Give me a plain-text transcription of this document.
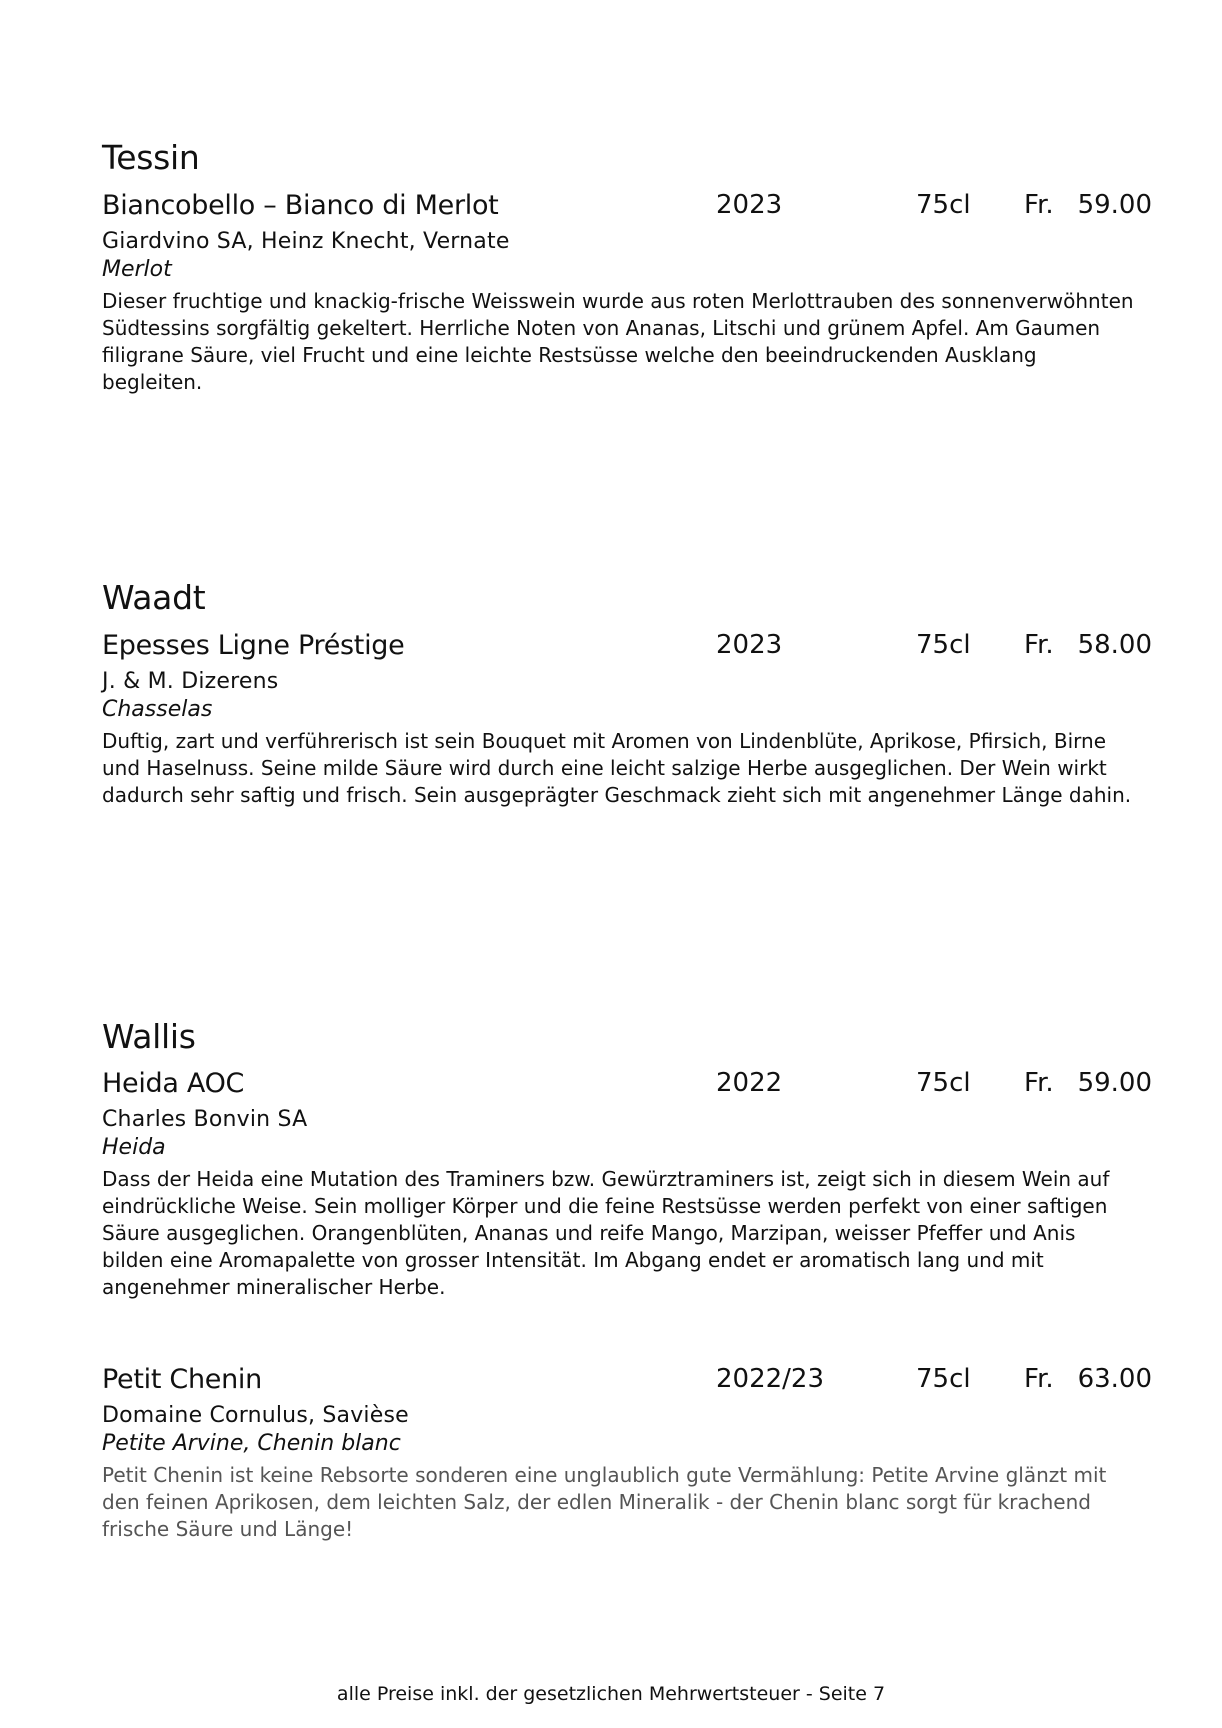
Tessin
Biancobello – Bianco di Merlot	2023	75cl Fr. 59.00
Giardvino SA, Heinz Knecht, Vernate
Merlot
Dieser fruchtige und knackig-frische Weisswein wurde aus roten Merlottrauben des sonnenverwöhnten Südtessins sorgfältig gekeltert. Herrliche Noten von Ananas, Litschi und grünem Apfel. Am Gaumen filigrane Säure, viel Frucht und eine leichte Restsüsse welche den beeindruckenden Ausklang begleiten.
Waadt
Epesses Ligne Préstige	2023	75cl Fr. 58.00
J. & M. Dizerens
Chasselas
Duftig, zart und verführerisch ist sein Bouquet mit Aromen von Lindenblüte, Aprikose, Pfirsich, Birne und Haselnuss. Seine milde Säure wird durch eine leicht salzige Herbe ausgeglichen. Der Wein wirkt dadurch sehr saftig und frisch. Sein ausgeprägter Geschmack zieht sich mit angenehmer Länge dahin.
Wallis
Heida AOC	2022	75cl Fr. 59.00
Charles Bonvin SA
Heida
Dass der Heida eine Mutation des Traminers bzw. Gewürztraminers ist, zeigt sich in diesem Wein auf eindrückliche Weise. Sein molliger Körper und die feine Restsüsse werden perfekt von einer saftigen Säure ausgeglichen. Orangenblüten, Ananas und reife Mango, Marzipan, weisser Pfeffer und Anis bilden eine Aromapalette von grosser Intensität. Im Abgang endet er aromatisch lang und mit angenehmer mineralischer Herbe.
Petit Chenin	2022/23	75cl Fr. 63.00
Domaine Cornulus, Savièse
Petite Arvine, Chenin blanc
Petit Chenin ist keine Rebsorte sonderen eine unglaublich gute Vermählung: Petite Arvine glänzt mit den feinen Aprikosen, dem leichten Salz, der edlen Mineralik - der Chenin blanc sorgt für krachend frische Säure und Länge!
alle Preise inkl. der gesetzlichen Mehrwertsteuer - Seite 7
